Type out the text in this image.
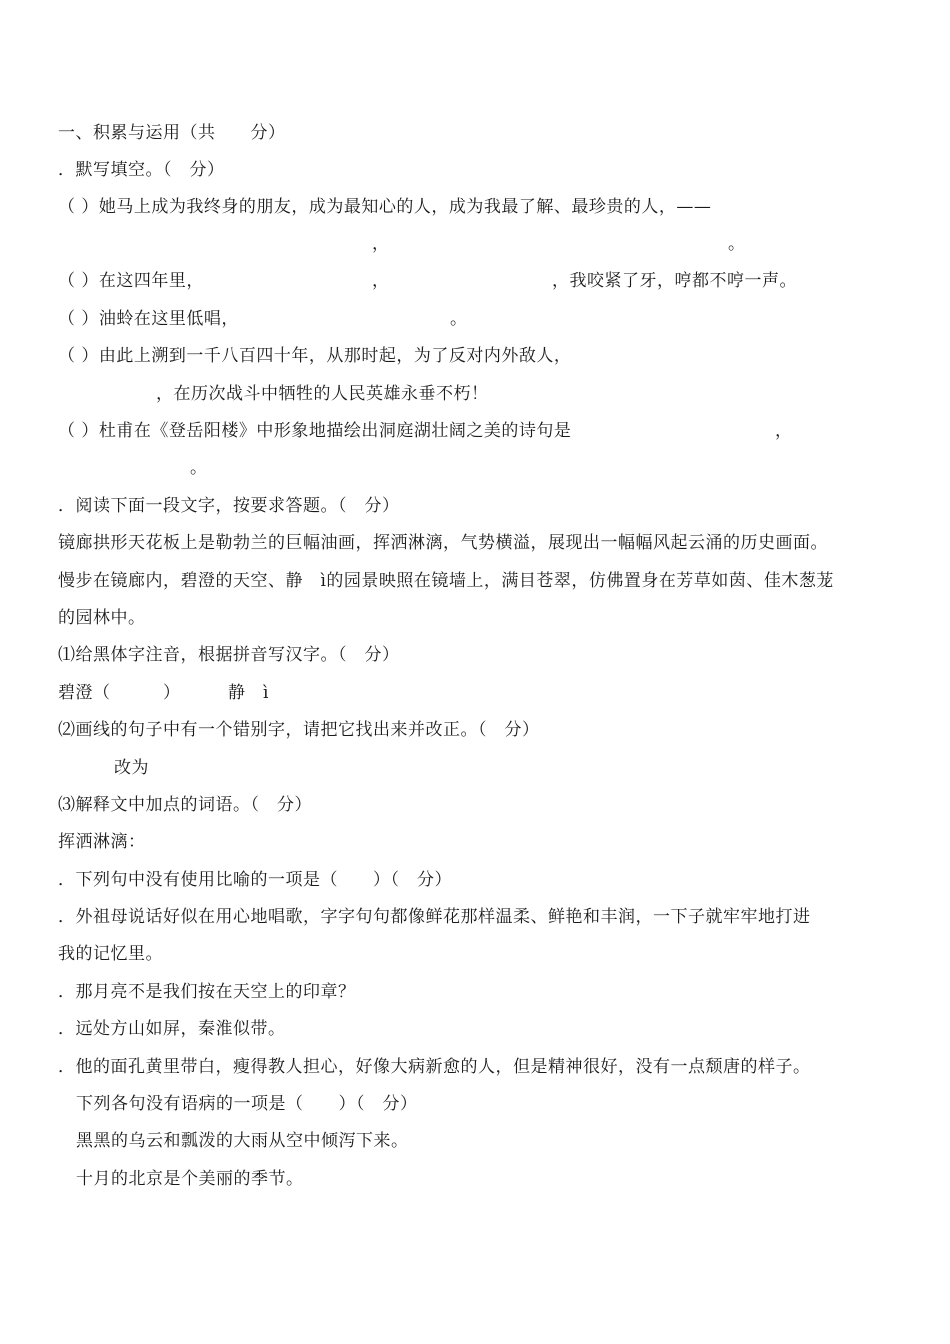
一、积累与运用（共　　分）
．默写填空。（　分）
（ ）她马上成为我终身的朋友，成为最知心的人，成为我最了解、最珍贵的人，——
，	。
（ ）在这四年里，	，	，我咬紧了牙，哼都不哼一声。
（ ）油蛉在这里低唱，	。
（ ）由此上溯到一千八百四十年，从那时起，为了反对内外敌人，
，在历次战斗中牺牲的人民英雄永垂不朽！
（ ）杜甫在《登岳阳楼》中形象地描绘出洞庭湖壮阔之美的诗句是	，
。
．阅读下面一段文字，按要求答题。（　分）
镜廊拱形天花板上是勒勃兰的巨幅油画，挥洒淋漓，气势横溢，展现出一幅幅风起云涌的历史画面。
慢步在镜廊内，碧澄的天空、静　ì的园景映照在镜墙上，满目苍翠，仿佛置身在芳草如茵、佳木葱茏
的园林中。
⑴给黑体字注音，根据拼音写汉字。（　分）
碧澄（　　　）	静　ì
⑵画线的句子中有一个错别字，请把它找出来并改正。（　分）
改为
⑶解释文中加点的词语。（　分）
挥洒淋漓：
．下列句中没有使用比喻的一项是（　　）（　分）
．外祖母说话好似在用心地唱歌，字字句句都像鲜花那样温柔、鲜艳和丰润，一下子就牢牢地打进
我的记忆里。
．那月亮不是我们按在天空上的印章？
．远处方山如屏，秦淮似带。
．他的面孔黄里带白，瘦得教人担心，好像大病新愈的人，但是精神很好，没有一点颓唐的样子。
下列各句没有语病的一项是（　　）（　分）
黑黑的乌云和瓢泼的大雨从空中倾泻下来。
十月的北京是个美丽的季节。
